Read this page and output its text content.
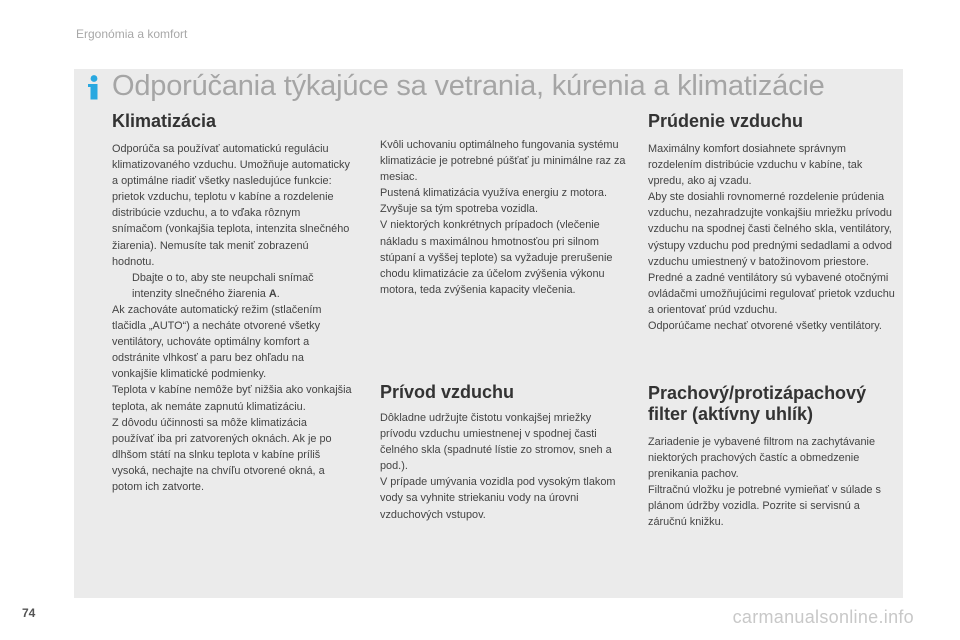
Ergonómia a komfort
Odporúčania týkajúce sa vetrania, kúrenia a klimatizácie
Klimatizácia

Odporúča sa používať automatickú reguláciu klimatizovaného vzduchu. Umožňuje automaticky a optimálne riadiť všetky nasledujúce funkcie: prietok vzduchu, teplotu v kabíne a rozdelenie distribúcie vzduchu, a to vďaka rôznym snímačom (vonkajšia teplota, intenzita slnečného žiarenia). Nemusíte tak meniť zobrazenú hodnotu.

Dbajte o to, aby ste neupchali snímač intenzity slnečného žiarenia A.

Ak zachováte automatický režim (stlačením tlačidla „AUTO“) a necháte otvorené všetky ventilátory, uchováte optimálny komfort a odstránite vlhkosť a paru bez ohľadu na vonkajšie klimatické podmienky.

Teplota v kabíne nemôže byť nižšia ako vonkajšia teplota, ak nemáte zapnutú klimatizáciu.

Z dôvodu účinnosti sa môže klimatizácia používať iba pri zatvorených oknách. Ak je po dlhšom státí na slnku teplota v kabíne príliš vysoká, nechajte na chvíľu otvorené okná, a potom ich zatvorte.

Kvôli uchovaniu optimálneho fungovania systému klimatizácie je potrebné púšťať ju minimálne raz za mesiac.

Pustená klimatizácia využíva energiu z motora. Zvyšuje sa tým spotreba vozidla.

V niektorých konkrétnych prípadoch (vlečenie nákladu s maximálnou hmotnosťou pri silnom stúpaní a vyššej teplote) sa vyžaduje prerušenie chodu klimatizácie za účelom zvýšenia výkonu motora, teda zvýšenia kapacity vlečenia.

Prívod vzduchu

Dôkladne udržujte čistotu vonkajšej mriežky prívodu vzduchu umiestnenej v spodnej časti čelného skla (spadnuté lístie zo stromov, sneh a pod.).

V prípade umývania vozidla pod vysokým tlakom vody sa vyhnite striekaniu vody na úrovni vzduchových vstupov.

Prúdenie vzduchu

Maximálny komfort dosiahnete správnym rozdelením distribúcie vzduchu v kabíne, tak vpredu, ako aj vzadu.

Aby ste dosiahli rovnomerné rozdelenie prúdenia vzduchu, nezahradzujte vonkajšiu mriežku prívodu vzduchu na spodnej časti čelného skla, ventilátory, výstupy vzduchu pod prednými sedadlami a odvod vzduchu umiestnený v batožinovom priestore.

Predné a zadné ventilátory sú vybavené otočnými ovládačmi umožňujúcimi regulovať prietok vzduchu a orientovať prúd vzduchu.

Odporúčame nechať otvorené všetky ventilátory.

Prachový/protizápachový filter (aktívny uhlík)

Zariadenie je vybavené filtrom na zachytávanie niektorých prachových častíc a obmedzenie prenikania pachov.

Filtračnú vložku je potrebné vymieňať v súlade s plánom údržby vozidla. Pozrite si servisnú a záručnú knižku.

74	carmanualsonline.info
